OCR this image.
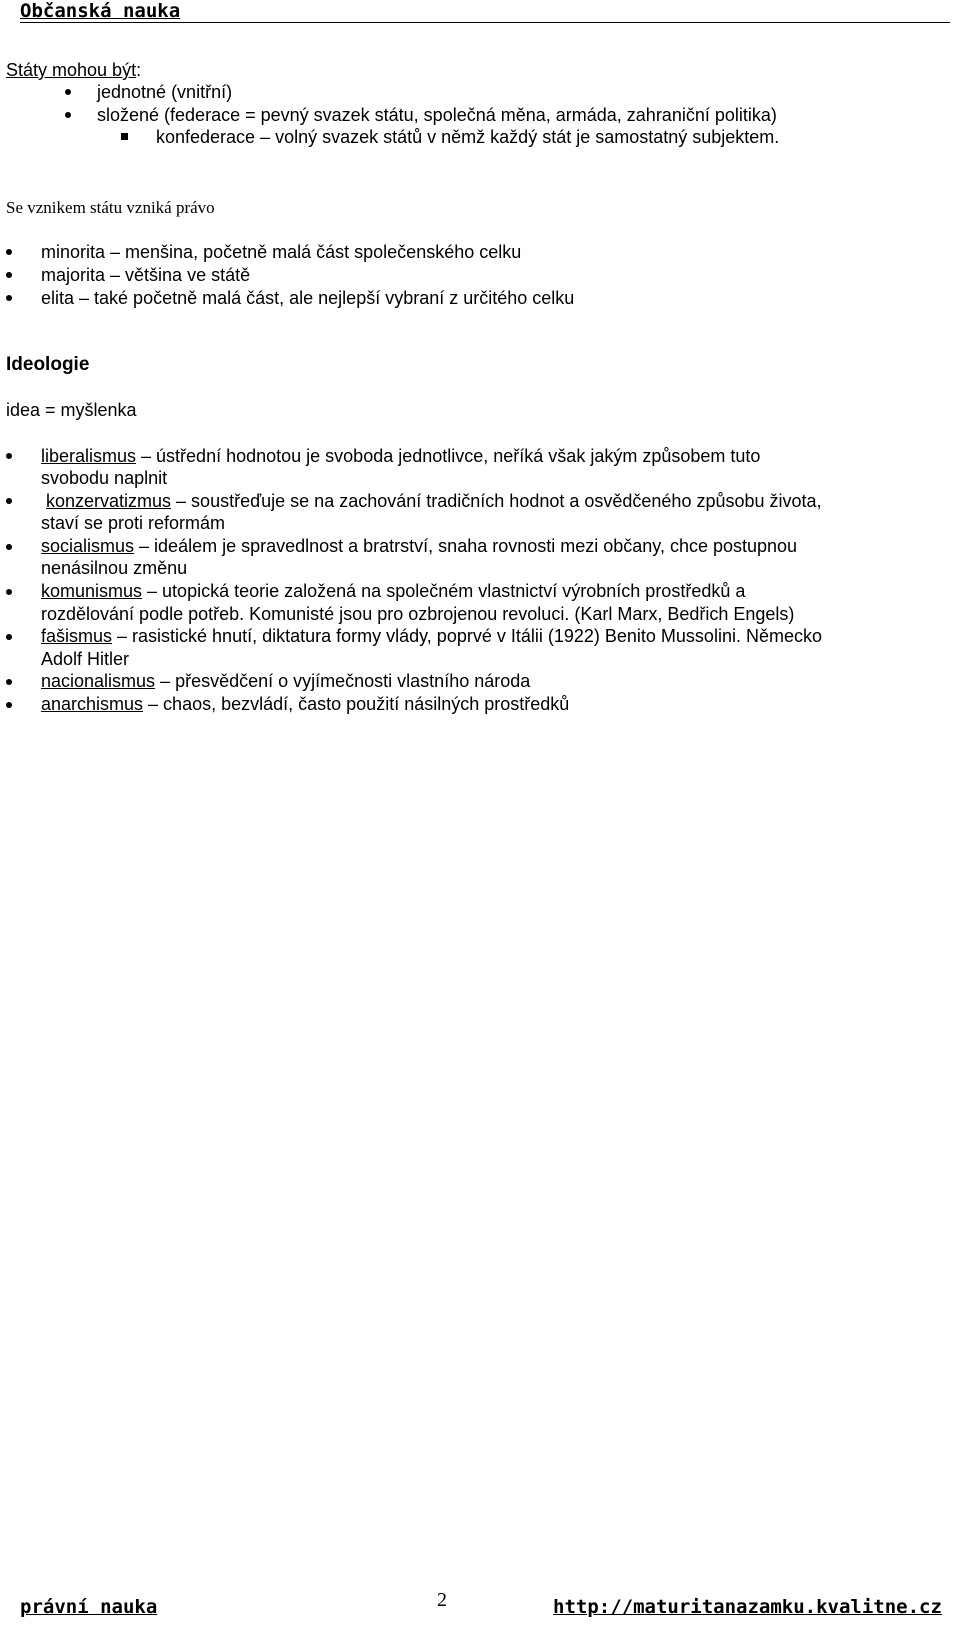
Občanská nauka
Státy mohou být:
jednotné (vnitřní)
složené (federace = pevný svazek státu, společná měna, armáda, zahraniční politika)
konfederace – volný svazek států v němž každý stát je samostatný subjektem.
Se vznikem státu vzniká právo
minorita – menšina, početně malá část společenského celku
majorita – většina ve státě
elita – také početně malá část, ale nejlepší vybraní z určitého celku
Ideologie
idea = myšlenka
liberalismus – ústřední hodnotou je svoboda jednotlivce, neříká však jakým způsobem tuto
svobodu naplnit
konzervatizmus – soustřeďuje se na zachování tradičních hodnot a osvědčeného způsobu života,
staví se proti reformám
socialismus – ideálem je spravedlnost a bratrství, snaha rovnosti mezi občany, chce postupnou
nenásilnou změnu
komunismus – utopická teorie založená na společném vlastnictví výrobních prostředků a
rozdělování podle potřeb. Komunisté jsou pro ozbrojenou revoluci. (Karl Marx, Bedřich Engels)
fašismus – rasistické hnutí, diktatura formy vlády, poprvé v Itálii (1922) Benito Mussolini. Německo
Adolf Hitler
nacionalismus – přesvědčení o vyjímečnosti vlastního národa
anarchismus – chaos, bezvládí, často použití násilných prostředků
právní nauka	2	http://maturitanazamku.kvalitne.cz
